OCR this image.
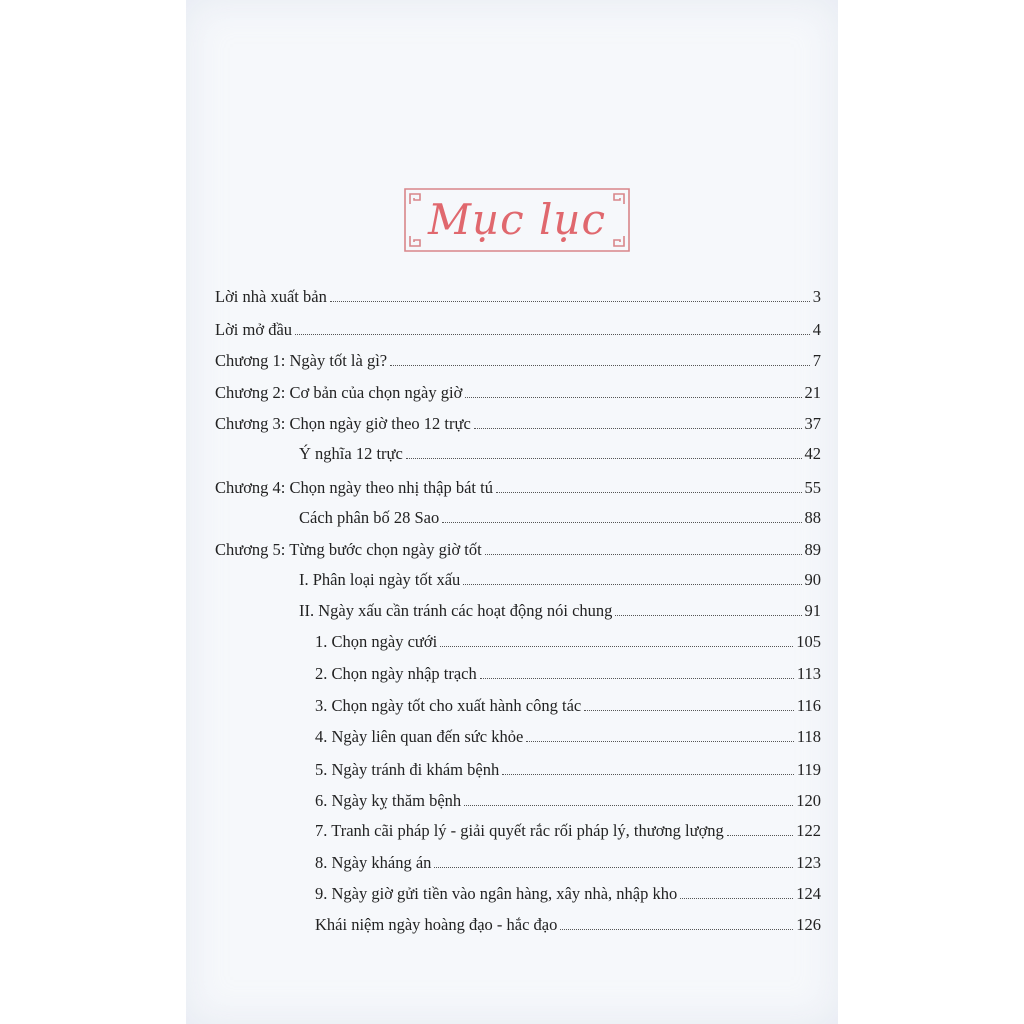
Mục lục
Lời nhà xuất bản	3
Lời mở đầu	4
Chương 1: Ngày tốt là gì?	7
Chương 2: Cơ bản của chọn ngày giờ	21
Chương 3: Chọn ngày giờ theo 12 trực	37
Ý nghĩa 12 trực	42
Chương 4: Chọn ngày theo nhị thập bát tú	55
Cách phân bố 28 Sao	88
Chương 5: Từng bước chọn ngày giờ tốt	89
I. Phân loại ngày tốt xấu	90
II. Ngày xấu cần tránh các hoạt động nói chung	91
1. Chọn ngày cưới	105
2. Chọn ngày nhập trạch	113
3. Chọn ngày tốt cho xuất hành công tác	116
4. Ngày liên quan đến sức khỏe	118
5. Ngày tránh đi khám bệnh	119
6. Ngày kỵ thăm bệnh	120
7. Tranh cãi pháp lý - giải quyết rắc rối pháp lý, thương lượng	122
8. Ngày kháng án	123
9. Ngày giờ gửi tiền vào ngân hàng, xây nhà, nhập kho	124
Khái niệm ngày hoàng đạo - hắc đạo	126
